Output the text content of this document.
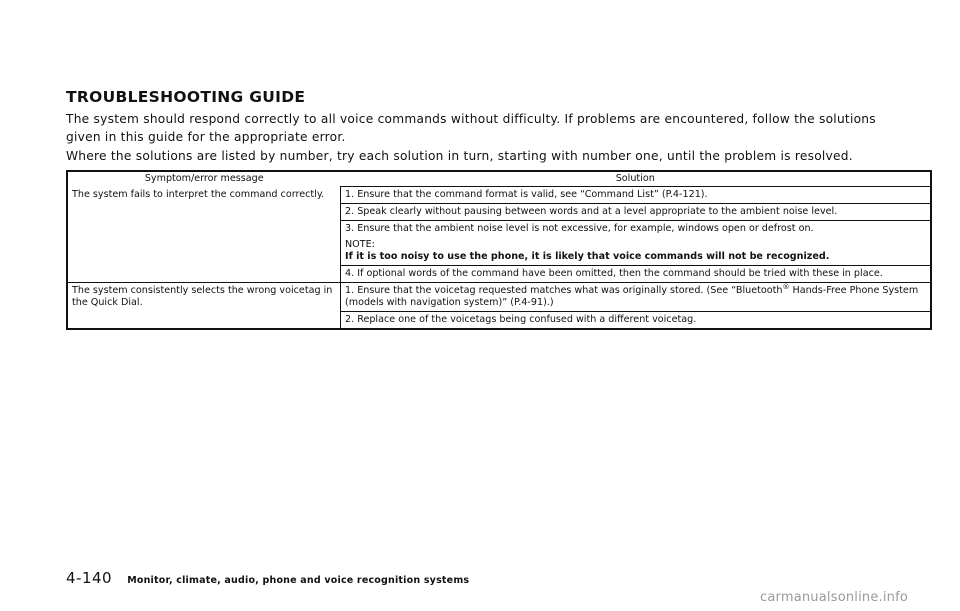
TROUBLESHOOTING GUIDE

The system should respond correctly to all voice commands without difficulty. If problems are encountered, follow the solutions given in this guide for the appropriate error.

Where the solutions are listed by number, try each solution in turn, starting with number one, until the problem is resolved.

Symptom/error message	Solution
The system fails to interpret the command correctly.	1. Ensure that the command format is valid, see “Command List” (P.4-121).
	2. Speak clearly without pausing between words and at a level appropriate to the ambient noise level.

	3. Ensure that the ambient noise level is not excessive, for example, windows open or defrost on.
NOTE:
If it is too noisy to use the phone, it is likely that voice commands will not be recognized.

	4. If optional words of the command have been omitted, then the command should be tried with these in place.
The system consistently selects the wrong voicetag in the Quick Dial.	1. Ensure that the voicetag requested matches what was originally stored. (See “Bluetooth® Hands-Free Phone System (models with navigation system)” (P.4-91).)
	2. Replace one of the voicetags being confused with a different voicetag.
4-140 Monitor, climate, audio, phone and voice recognition systems
carmanualsonline.info
